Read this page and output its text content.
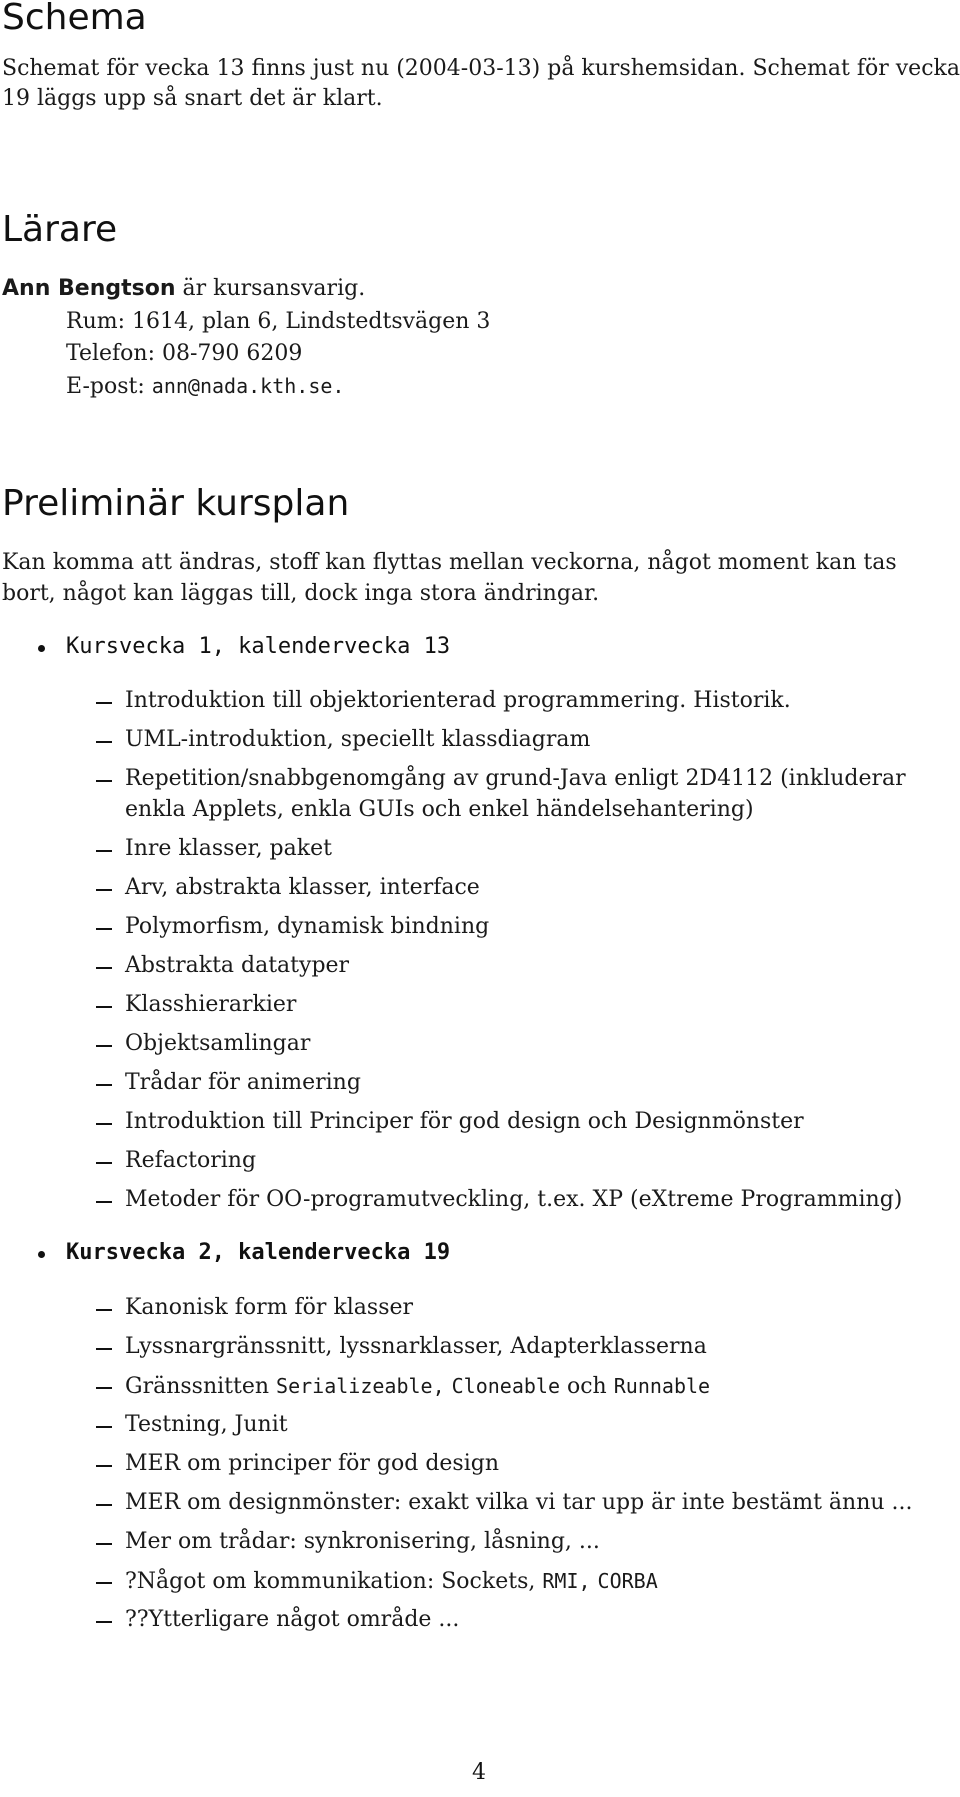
Schema
Schemat för vecka 13 finns just nu (2004-03-13) på kurshemsidan. Schemat för vecka
19 läggs upp så snart det är klart.
Lärare
Ann Bengtson är kursansvarig.
Rum: 1614, plan 6, Lindstedtsvägen 3
Telefon: 08-790 6209
E-post: ann@nada.kth.se.
Preliminär kursplan
Kan komma att ändras, stoff kan flyttas mellan veckorna, något moment kan tas
bort, något kan läggas till, dock inga stora ändringar.
Kursvecka 1, kalendervecka 13
Introduktion till objektorienterad programmering. Historik.
UML-introduktion, speciellt klassdiagram
Repetition/snabbgenomgång av grund-Java enligt 2D4112 (inkluderar
enkla Applets, enkla GUIs och enkel händelsehantering)
Inre klasser, paket
Arv, abstrakta klasser, interface
Polymorfism, dynamisk bindning
Abstrakta datatyper
Klasshierarkier
Objektsamlingar
Trådar för animering
Introduktion till Principer för god design och Designmönster
Refactoring
Metoder för OO-programutveckling, t.ex. XP (eXtreme Programming)
Kursvecka 2, kalendervecka 19
Kanonisk form för klasser
Lyssnargränssnitt, lyssnarklasser, Adapterklasserna
Gränssnitten Serializeable, Cloneable och Runnable
Testning, Junit
MER om principer för god design
MER om designmönster: exakt vilka vi tar upp är inte bestämt ännu ...
Mer om trådar: synkronisering, låsning, ...
?Något om kommunikation: Sockets, RMI, CORBA
??Ytterligare något område ...
4
